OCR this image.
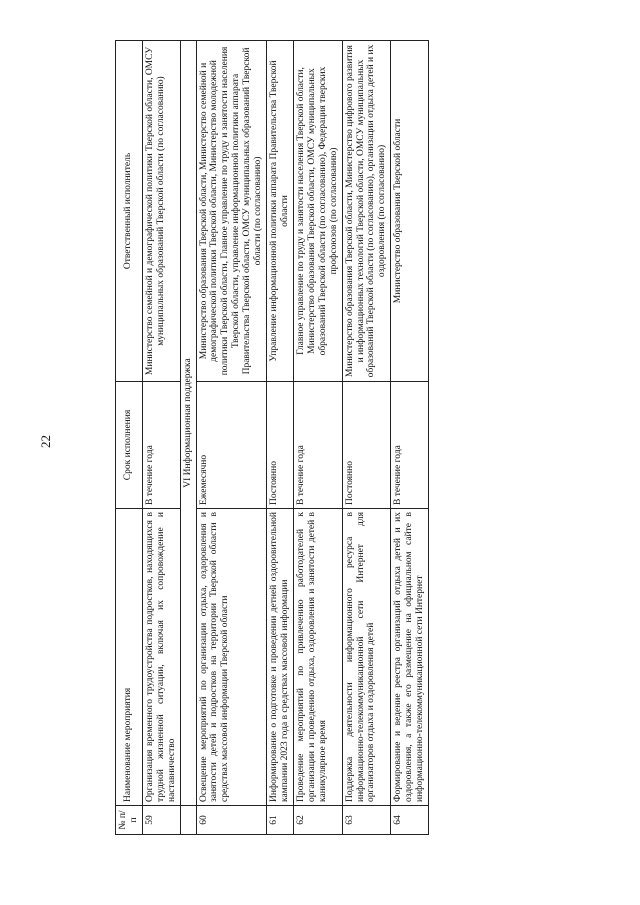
22
№ п/п	Наименование мероприятия	Срок исполнения	Ответственный исполнитель
59	Организация временного трудоустройства подростков, находящихся в трудной жизненной ситуации, включая их сопровождение и наставничество	В течение года	Министерство семейной и демографической политики Тверской области, ОМСУ муниципальных образований Тверской области (по согласованию)
	VI Информационная поддержка		
60	Освещение мероприятий по организации отдыха, оздоровления и занятости детей и подростков на территории Тверской области в средствах массовой информации Тверской области	Ежемесячно	Министерство образования Тверской области, Министерство семейной и демографической политики Тверской области, Министерство молодежной политики Тверской области, Главное управление по труду и занятости населения Тверской области, управление информационной политики аппарата Правительства Тверской области, ОМСУ муниципальных образований Тверской области (по согласованию)
61	Информирование о подготовке и проведении детней оздоровительной кампании 2023 года в средствах массовой информации	Постоянно	Управление информационной политики аппарата Правительства Тверской области
62	Проведение мероприятий по привлечению работодателей к организации и проведению отдыха, оздоровления и занятости детей в каникулярное время	В течение года	Главное управление по труду и занятости населения Тверской области, Министерство образования Тверской области, ОМСУ муниципальных образований Тверской области (по согласованию), Федерация тверских профсоюзов (по согласованию)
63	Поддержка деятельности информационного ресурса в информационно-телекоммуникационной сети Интернет для организаторов отдыха и оздоровления детей	Постоянно	Министерство образования Тверской области, Министерство цифрового развития и информационных технологий Тверской области, ОМСУ муниципальных образований Тверской области (по согласованию), организации отдыха детей и их оздоровления (по согласованию)
64	Формирование и ведение реестра организаций отдыха детей и их оздоровления, а также его размещение на официальном сайте в информационно-телекоммуникационной сети Интернет	В течение года	Министерство образования Тверской области
